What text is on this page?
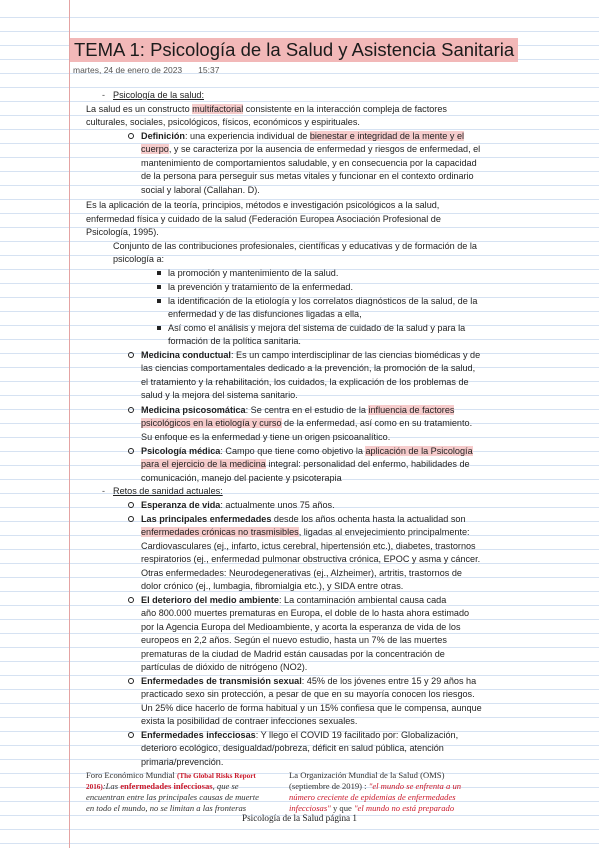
TEMA 1: Psicología de la Salud y Asistencia Sanitaria
martes, 24 de enero de 2023 15:37
- Psicología de la salud:
La salud es un constructo multifactorial consistente en la interacción compleja de factores
culturales, sociales, psicológicos, físicos, económicos y espirituales.
Definición: una experiencia individual de bienestar e integridad de la mente y el
cuerpo, y se caracteriza por la ausencia de enfermedad y riesgos de enfermedad, el
mantenimiento de comportamientos saludable, y en consecuencia por la capacidad
de la persona para perseguir sus metas vitales y funcionar en el contexto ordinario
social y laboral (Callahan. D).
Es la aplicación de la teoría, principios, métodos e investigación psicológicos a la salud,
enfermedad física y cuidado de la salud (Federación Europea Asociación Profesional de
Psicología, 1995).
Conjunto de las contribuciones profesionales, científicas y educativas y de formación de la
psicología a:
la promoción y mantenimiento de la salud.
la prevención y tratamiento de la enfermedad.
la identificación de la etiología y los correlatos diagnósticos de la salud, de la
enfermedad y de las disfunciones ligadas a ella,
Así como el análisis y mejora del sistema de cuidado de la salud y para la
formación de la política sanitaria.
Medicina conductual: Es un campo interdisciplinar de las ciencias biomédicas y de
las ciencias comportamentales dedicado a la prevención, la promoción de la salud,
el tratamiento y la rehabilitación, los cuidados, la explicación de los problemas de
salud y la mejora del sistema sanitario.
Medicina psicosomática: Se centra en el estudio de la influencia de factores
psicológicos en la etiología y curso de la enfermedad, así como en su tratamiento.
Su enfoque es la enfermedad y tiene un origen psicoanalítico.
Psicología médica: Campo que tiene como objetivo la aplicación de la Psicología
para el ejercicio de la medicina integral: personalidad del enfermo, habilidades de
comunicación, manejo del paciente y psicoterapia
- Retos de sanidad actuales:
Esperanza de vida: actualmente unos 75 años.
Las principales enfermedades desde los años ochenta hasta la actualidad son
enfermedades crónicas no trasmisibles, ligadas al envejecimiento principalmente:
Cardiovasculares (ej., infarto, ictus cerebral, hipertensión etc.), diabetes, trastornos
respiratorios (ej., enfermedad pulmonar obstructiva crónica, EPOC y asma y cáncer.
Otras enfermedades: Neurodegenerativas (ej., Alzheimer), artritis, trastornos de
dolor crónico (ej., lumbagia, fibromialgia etc.), y SIDA entre otras.
El deterioro del medio ambiente: La contaminación ambiental causa cada
año 800.000 muertes prematuras en Europa, el doble de lo hasta ahora estimado
por la Agencia Europa del Medioambiente, y acorta la esperanza de vida de los
europeos en 2,2 años. Según el nuevo estudio, hasta un 7% de las muertes
prematuras de la ciudad de Madrid están causadas por la concentración de
partículas de dióxido de nitrógeno (NO2).
Enfermedades de transmisión sexual: 45% de los jóvenes entre 15 y 29 años ha
practicado sexo sin protección, a pesar de que en su mayoría conocen los riesgos.
Un 25% dice hacerlo de forma habitual y un 15% confiesa que le compensa, aunque
exista la posibilidad de contraer infecciones sexuales.
Enfermedades infecciosas: Y llego el COVID 19 facilitado por: Globalización,
deterioro ecológico, desigualdad/pobreza, déficit en salud pública, atención
primaria/prevención.
Foro Económico Mundial (The Global Risks Report
2016):Las enfermedades infecciosas, que se
encuentran entre las principales causas de muerte
en todo el mundo, no se limitan a las fronteras
La Organización Mundial de la Salud (OMS)
(septiembre de 2019) : "el mundo se enfrenta a un
número creciente de epidemias de enfermedades
infecciosas" y que "el mundo no está preparado
Psicología de la Salud página 1
